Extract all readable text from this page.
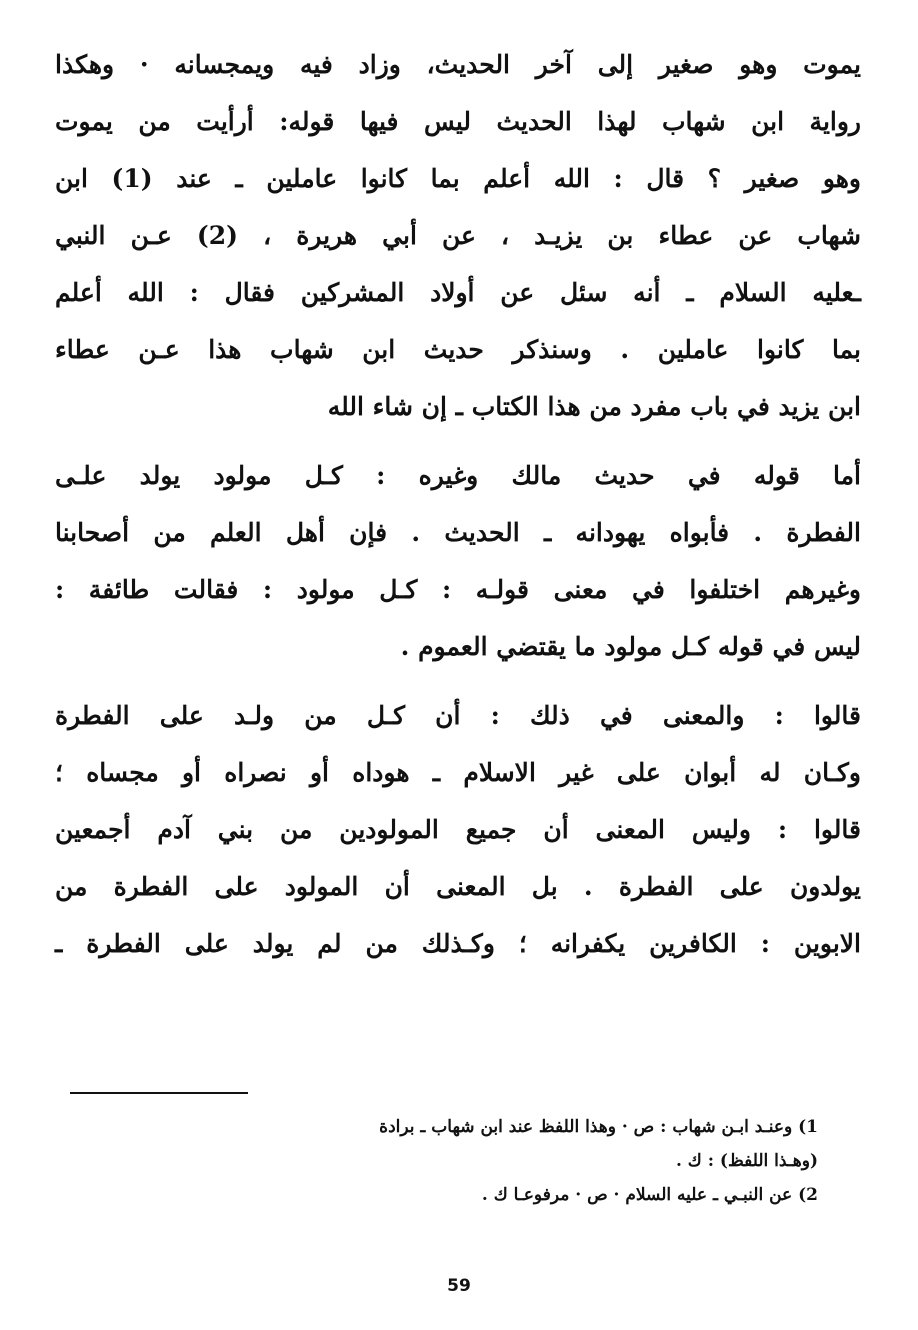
يموت وهو صغير إلى آخر الحديث، وزاد فيه ويمجسانه · وهكذا
رواية ابن شهاب لهذا الحديث ليس فيها قوله: أرأيت من يموت
وهو صغير ؟ قال : الله أعلم بما كانوا عاملين ـ عند (1) ابن
شهاب عن عطاء بن يزيـد ، عن أبي هريرة ، (2) عـن النبي
ـعليه السلام ـ أنه سئل عن أولاد المشركين فقال : الله أعلم
بما كانوا عاملين . وسنذكر حديث ابن شهاب هذا عـن عطاء
ابن يزيد في باب مفرد من هذا الكتاب ـ إن شاء الله
أما قوله في حديث مالك وغيره : كـل مولود يولد علـى
الفطرة . فأبواه يهودانه ـ الحديث . فإن أهل العلم من أصحابنا
وغيرهم اختلفوا في معنى قولـه : كـل مولود : فقالت طائفة :
ليس في قوله كـل مولود ما يقتضي العموم .
قالوا : والمعنى في ذلك : أن كـل من ولـد على الفطرة
وكـان له أبوان على غير الاسلام ـ هوداه أو نصراه أو مجساه ؛
قالوا : وليس المعنى أن جميع المولودين من بني آدم أجمعين
يولدون على الفطرة . بل المعنى أن المولود على الفطرة من
الابوين : الكافرين يكفرانه ؛ وكـذلك من لم يولد على الفطرة ـ
1) وعنـد ابـن شهاب : ص · وهذا اللفظ عند ابن شهاب ـ برادة
(وهـذا اللفظ) : ك .
2) عن النبـي ـ عليه السلام · ص · مرفوعـا ك .
59
